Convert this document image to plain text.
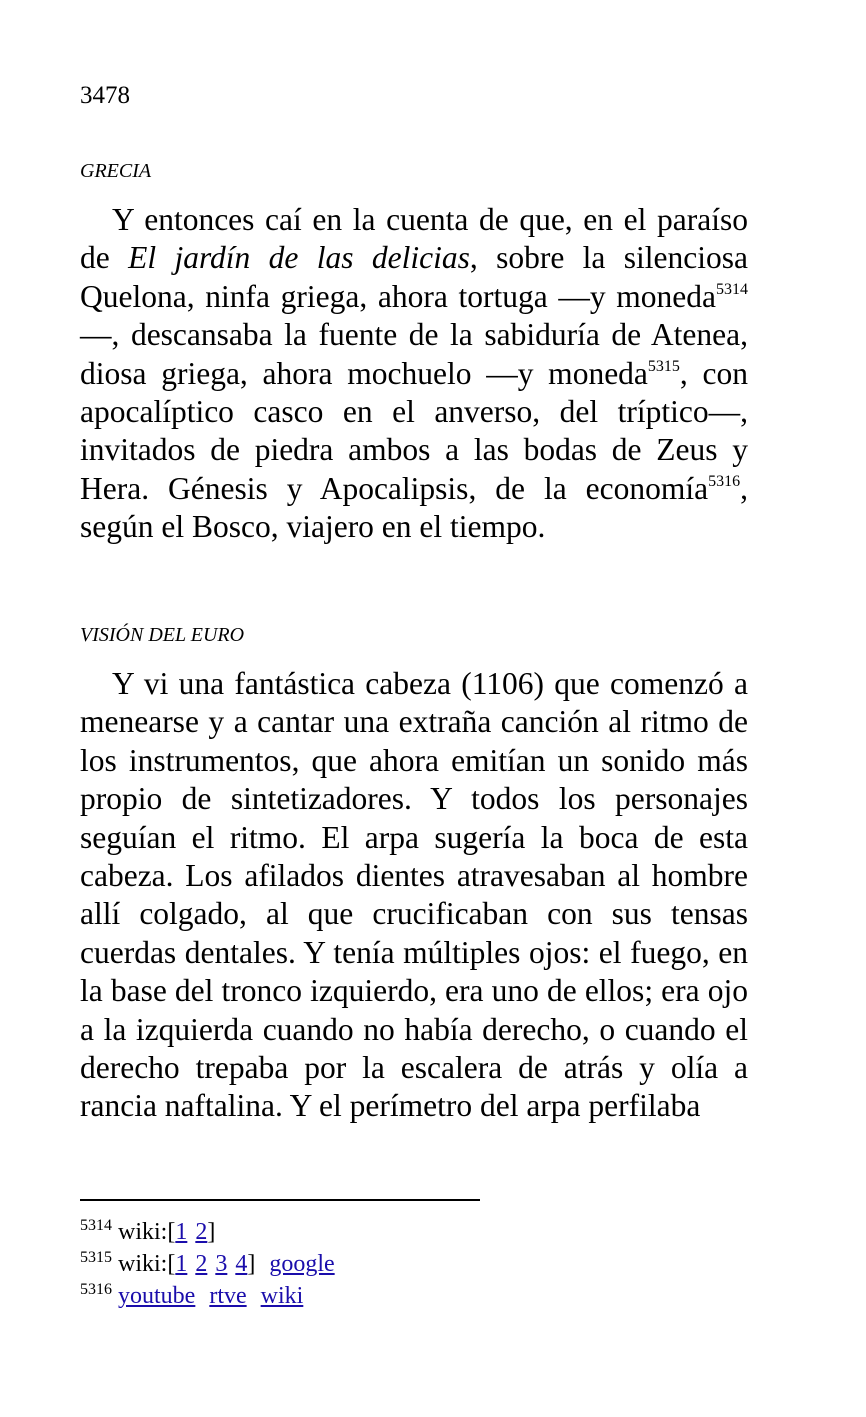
3478
GRECIA

Y entonces caí en la cuenta de que, en el paraíso de El jardín de las delicias, sobre la silenciosa Quelona, ninfa griega, ahora tortuga —y moneda$^{5314}$—, descansaba la fuente de la sabiduría de Atenea, diosa griega, ahora mochuelo —y moneda$^{5315}$, con apocalíptico casco en el anverso, del tríptico—, invitados de piedra ambos a las bodas de Zeus y Hera. Génesis y Apocalipsis, de la economía$^{5316}$, según el Bosco, viajero en el tiempo.

VISIÓN DEL EURO

Y vi una fantástica cabeza (1106) que comenzó a menearse y a cantar una extraña canción al ritmo de los instrumentos, que ahora emitían un sonido más propio de sintetizadores. Y todos los personajes seguían el ritmo. El arpa sugería la boca de esta cabeza. Los afilados dientes atravesaban al hombre allí colgado, al que crucificaban con sus tensas cuerdas dentales. Y tenía múltiples ojos: el fuego, en la base del tronco izquierdo, era uno de ellos; era ojo a la izquierda cuando no había derecho, o cuando el derecho trepaba por la escalera de atrás y olía a rancia naftalina. Y el perímetro del arpa perfilaba

$^{5314}$ wiki:[1 2]
$^{5315}$ wiki:[1 2 3 4] google
$^{5316}$ youtube rtve wiki
